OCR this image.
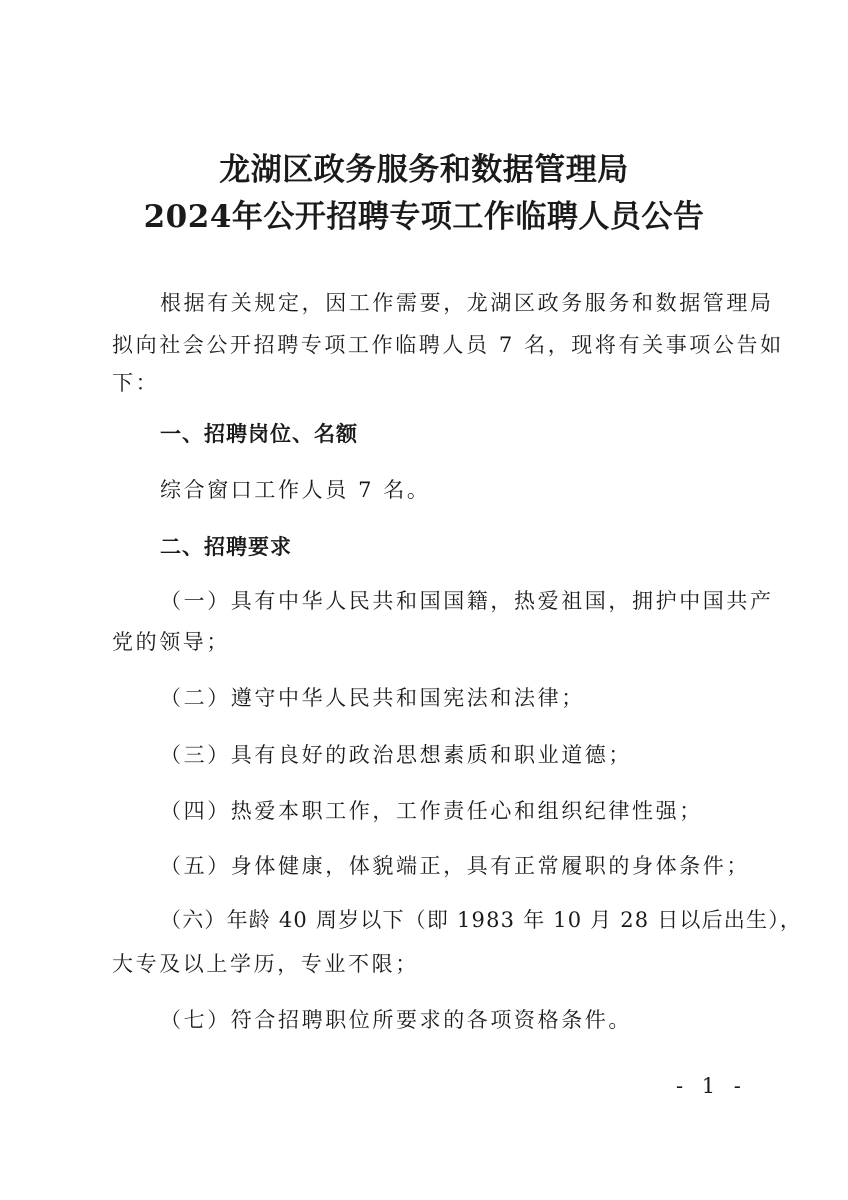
龙湖区政务服务和数据管理局
2024年公开招聘专项工作临聘人员公告
根据有关规定，因工作需要，龙湖区政务服务和数据管理局
拟向社会公开招聘专项工作临聘人员 7 名，现将有关事项公告如
下：
一、招聘岗位、名额
综合窗口工作人员 7 名。
二、招聘要求
（一）具有中华人民共和国国籍，热爱祖国，拥护中国共产
党的领导；
（二）遵守中华人民共和国宪法和法律；
（三）具有良好的政治思想素质和职业道德；
（四）热爱本职工作，工作责任心和组织纪律性强；
（五）身体健康，体貌端正，具有正常履职的身体条件；
（六）年龄 40 周岁以下（即 1983 年 10 月 28 日以后出生），
大专及以上学历，专业不限；
（七）符合招聘职位所要求的各项资格条件。
- 1 -
